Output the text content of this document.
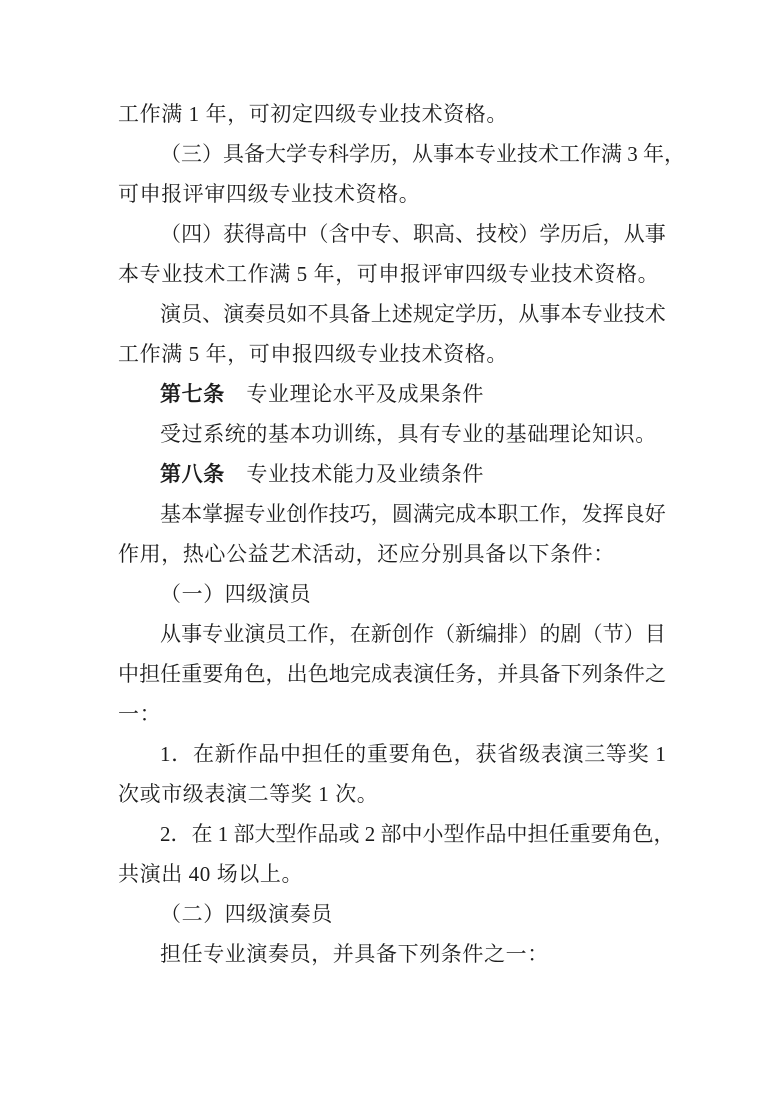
工作满 1 年，可初定四级专业技术资格。
（ 三 ） 具 备 大 学 专 科 学 历 ， 从 事 本 专 业 技 术 工 作 满
3
年 ，
可申报评审四级专业技术资格。
（ 四 ） 获 得 高 中 （ 含 中 专 、 职 高 、 技 校 ） 学 历 后 ， 从 事
本专业技术工作满 5 年，可申报评审四级专业技术资格。
演 员 、 演 奏 员 如 不 具 备 上 述 规 定 学 历 ， 从 事 本 专 业 技 术
工作满 5 年，可申报四级专业技术资格。
第七条　专业理论水平及成果条件
受过系统的基本功训练，具有专业的基础理论知识。
第八条　专业技术能力及业绩条件
基 本 掌 握 专 业 创 作 技 巧 ， 圆 满 完 成 本 职 工 作 ， 发 挥 良 好
作用，热心公益艺术活动，还应分别具备以下条件：
（一）四级演员
从 事 专 业 演 员 工 作 ， 在 新 创 作 （ 新 编 排 ） 的 剧 （ 节 ） 目
中 担 任 重 要 角 色 ， 出 色 地 完 成 表 演 任 务 ， 并 具 备 下 列 条 件 之
一：
1 ． 在 新 作 品 中 担 任 的 重 要 角 色 ， 获 省 级 表 演 三 等 奖
1
次或市级表演二等奖 1 次。
2 ． 在
1
部 大 型 作 品 或
2
部 中 小 型 作 品 中 担 任 重 要 角 色 ，
共演出 40 场以上。
（二）四级演奏员
担任专业演奏员，并具备下列条件之一：
